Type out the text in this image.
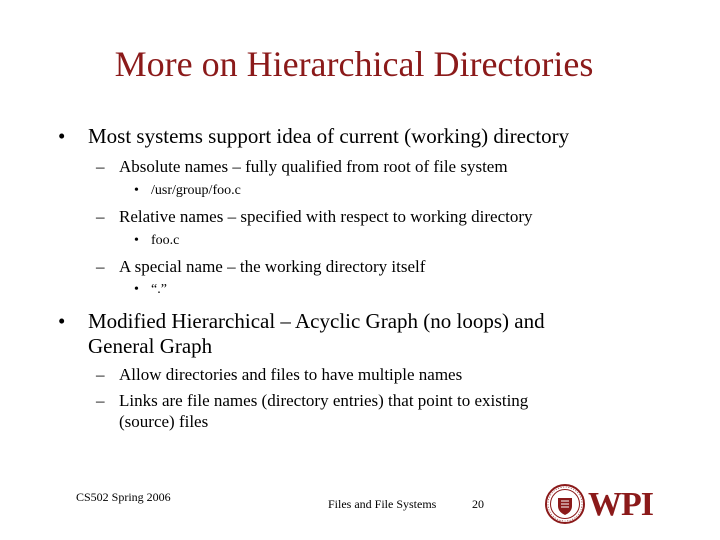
More on Hierarchical Directories
• Most systems support idea of current (working) directory
– Absolute names – fully qualified from root of file system
• /usr/group/foo.c
– Relative names – specified with respect to working directory
• foo.c
– A special name – the working directory itself
• “.”
• Modified Hierarchical – Acyclic Graph (no loops) and
General Graph
– Allow directories and files to have multiple names
– Links are file names (directory entries) that point to existing
(source) files
CS502 Spring 2006	Files and File Systems	20	WPI
